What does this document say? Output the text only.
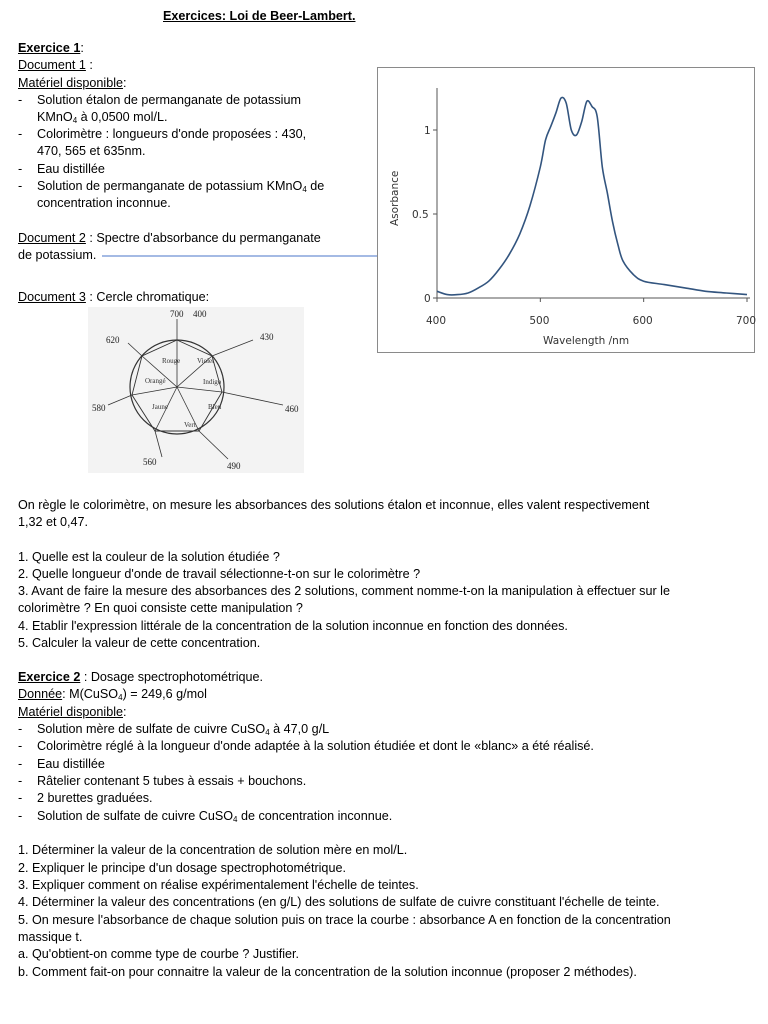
Exercices: Loi de Beer-Lambert.
Exercice 1:
Document 1 :
Matériel disponible:
- Solution étalon de permanganate de potassium
KMnO$_4$ à 0,0500 mol/L.
- Colorimètre : longueurs d'onde proposées : 430,
470, 565 et 635nm.
- Eau distillée
- Solution de permanganate de potassium KMnO$_4$ de
concentration inconnue.
Document 2 : Spectre d'absorbance du permanganate
de potassium.
Document 3 : Cercle chromatique:
400	500	600	700
0
0.5
1
Wavelength /nm
Asorbance
Rouge Violet
Indigo
Bleu
Vert
Jaune
Orangé
700 400
430
460
490
560
580
620
On règle le colorimètre, on mesure les absorbances des solutions étalon et inconnue, elles valent respectivement
1,32 et 0,47.
1. Quelle est la couleur de la solution étudiée ?
2. Quelle longueur d'onde de travail sélectionne-t-on sur le colorimètre ?
3. Avant de faire la mesure des absorbances des 2 solutions, comment nomme-t-on la manipulation à effectuer sur le
colorimètre ? En quoi consiste cette manipulation ?
4. Etablir l'expression littérale de la concentration de la solution inconnue en fonction des données.
5. Calculer la valeur de cette concentration.
Exercice 2 : Dosage spectrophotométrique.
Donnée: M(CuSO$_4$) = 249,6 g/mol
Matériel disponible:
- Solution mère de sulfate de cuivre CuSO$_4$ à 47,0 g/L
- Colorimètre réglé à la longueur d'onde adaptée à la solution étudiée et dont le «blanc» a été réalisé.
- Eau distillée
- Râtelier contenant 5 tubes à essais + bouchons.
- 2 burettes graduées.
- Solution de sulfate de cuivre CuSO$_4$ de concentration inconnue.
1. Déterminer la valeur de la concentration de solution mère en mol/L.
2. Expliquer le principe d'un dosage spectrophotométrique.
3. Expliquer comment on réalise expérimentalement l'échelle de teintes.
4. Déterminer la valeur des concentrations (en g/L) des solutions de sulfate de cuivre constituant l'échelle de teinte.
5. On mesure l'absorbance de chaque solution puis on trace la courbe : absorbance A en fonction de la concentration
massique t.
a. Qu'obtient-on comme type de courbe ? Justifier.
b. Comment fait-on pour connaitre la valeur de la concentration de la solution inconnue (proposer 2 méthodes).
